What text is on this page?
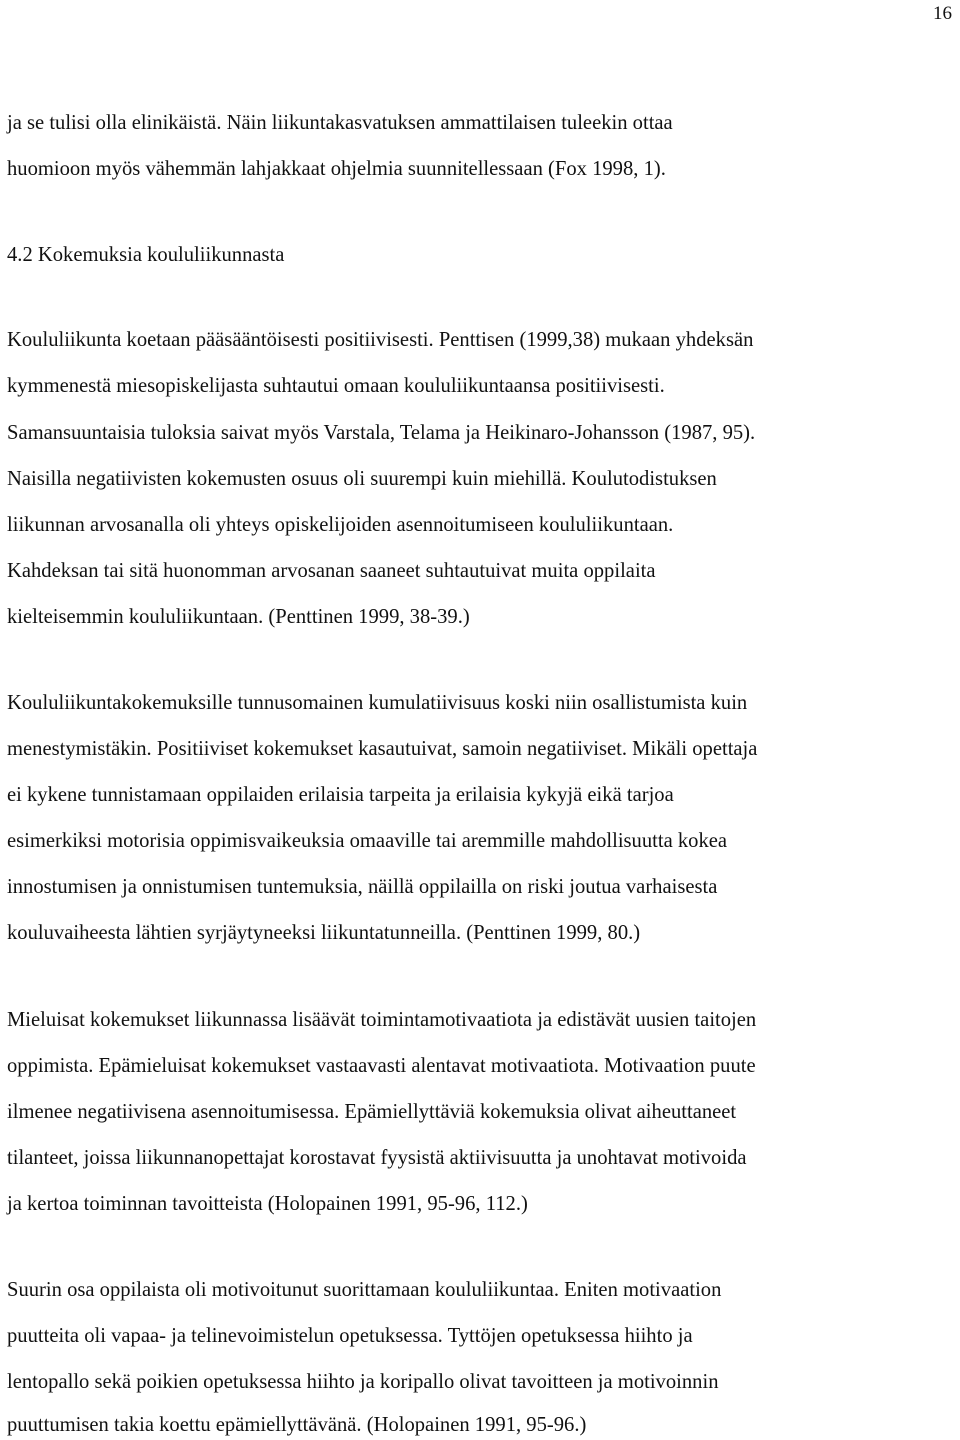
16
ja se tulisi olla elinikäistä. Näin liikuntakasvatuksen ammattilaisen tuleekin ottaa
huomioon myös vähemmän lahjakkaat ohjelmia suunnitellessaan (Fox 1998, 1).
4.2 Kokemuksia koululiikunnasta
Koululiikunta koetaan pääsääntöisesti positiivisesti. Penttisen (1999,38) mukaan yhdeksän
kymmenestä miesopiskelijasta suhtautui omaan koululiikuntaansa positiivisesti.
Samansuuntaisia tuloksia saivat myös Varstala, Telama ja Heikinaro-Johansson (1987, 95).
Naisilla negatiivisten kokemusten osuus oli suurempi kuin miehillä. Koulutodistuksen
liikunnan arvosanalla oli yhteys opiskelijoiden asennoitumiseen koululiikuntaan.
Kahdeksan tai sitä huonomman arvosanan saaneet suhtautuivat muita oppilaita
kielteisemmin koululiikuntaan. (Penttinen 1999, 38-39.)
Koululiikuntakokemuksille tunnusomainen kumulatiivisuus koski niin osallistumista kuin
menestymistäkin. Positiiviset kokemukset kasautuivat, samoin negatiiviset. Mikäli opettaja
ei kykene tunnistamaan oppilaiden erilaisia tarpeita ja erilaisia kykyjä eikä tarjoa
esimerkiksi motorisia oppimisvaikeuksia omaaville tai aremmille mahdollisuutta kokea
innostumisen ja onnistumisen tuntemuksia, näillä oppilailla on riski joutua varhaisesta
kouluvaiheesta lähtien syrjäytyneeksi liikuntatunneilla. (Penttinen 1999, 80.)
Mieluisat kokemukset liikunnassa lisäävät toimintamotivaatiota ja edistävät uusien taitojen
oppimista. Epämieluisat kokemukset vastaavasti alentavat motivaatiota. Motivaation puute
ilmenee negatiivisena asennoitumisessa. Epämiellyttäviä kokemuksia olivat aiheuttaneet
tilanteet, joissa liikunnanopettajat korostavat fyysistä aktiivisuutta ja unohtavat motivoida
ja kertoa toiminnan tavoitteista (Holopainen 1991, 95-96, 112.)
Suurin osa oppilaista oli motivoitunut suorittamaan koululiikuntaa. Eniten motivaation
puutteita oli vapaa- ja telinevoimistelun opetuksessa. Tyttöjen opetuksessa hiihto ja
lentopallo sekä poikien opetuksessa hiihto ja koripallo olivat tavoitteen ja motivoinnin
puuttumisen takia koettu epämiellyttävänä. (Holopainen 1991, 95-96.)
